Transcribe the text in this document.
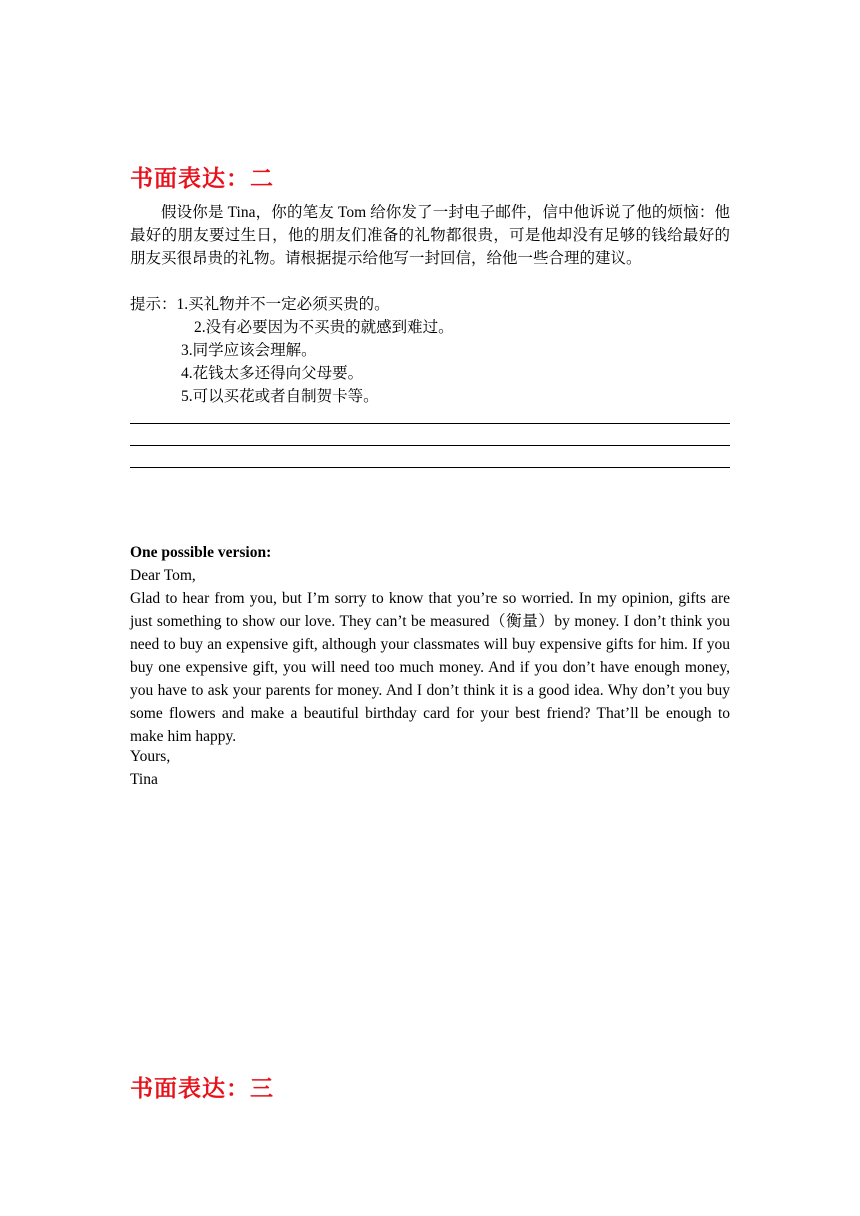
书面表达：二
假设你是 Tina，你的笔友 Tom 给你发了一封电子邮件，信中他诉说了他的烦恼：他最好的朋友要过生日，他的朋友们准备的礼物都很贵，可是他却没有足够的钱给最好的朋友买很昂贵的礼物。请根据提示给他写一封回信，给他一些合理的建议。
提示：1.买礼物并不一定必须买贵的。
2.没有必要因为不买贵的就感到难过。
3.同学应该会理解。
4.花钱太多还得向父母要。
5.可以买花或者自制贺卡等。
One possible version:
Dear Tom,
Glad to hear from you, but I’m sorry to know that you’re so worried. In my opinion, gifts are just something to show our love. They can’t be measured（衡量）by money. I don’t think you need to buy an expensive gift, although your classmates will buy expensive gifts for him. If you buy one expensive gift, you will need too much money. And if you don’t have enough money, you have to ask your parents for money. And I don’t think it is a good idea. Why don’t you buy some flowers and make a beautiful birthday card for your best friend? That’ll be enough to make him happy.
Yours,
Tina
书面表达：三
